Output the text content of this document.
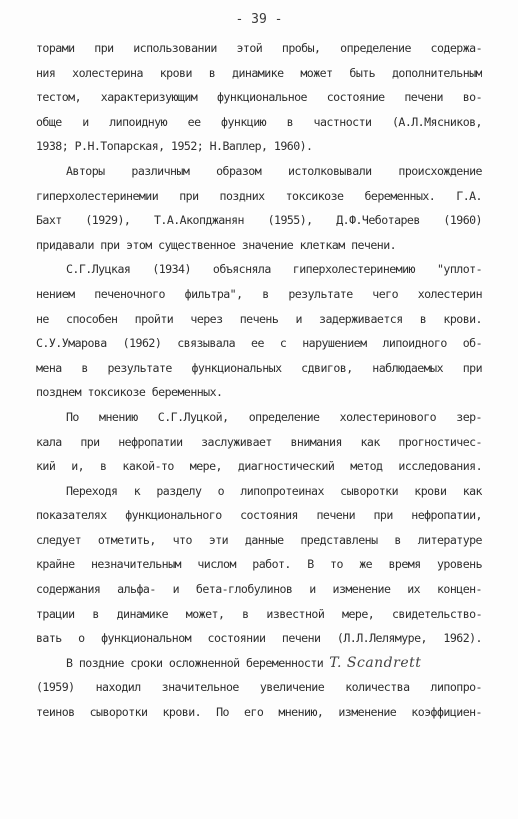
- 39 -
торами при использовании этой пробы, определение содержа-
ния холестерина крови в динамике может быть дополнительным
тестом, характеризующим функциональное состояние печени во-
обще и липоидную ее функцию в частности (А.Л.Мясников,
1938; Р.Н.Топарская, 1952; Н.Ваплер, 1960).
Авторы различным образом истолковывали происхождение
гиперхолестеринемии при поздних токсикозе беременных. Г.А.
Бахт (1929), Т.А.Акопджанян (1955), Д.Ф.Чеботарев (1960)
придавали при этом существенное значение клеткам печени.
С.Г.Луцкая (1934) объясняла гиперхолестеринемию "уплот-
нением печеночного фильтра", в результате чего холестерин
не способен пройти через печень и задерживается в крови.
С.У.Умарова (1962) связывала ее с нарушением липоидного об-
мена в результате функциональных сдвигов, наблюдаемых при
позднем токсикозе беременных.
По мнению С.Г.Луцкой, определение холестеринового зер-
кала при нефропатии заслуживает внимания как прогностичес-
кий и, в какой-то мере, диагностический метод исследования.
Переходя к разделу о липопротеинах сыворотки крови как
показателях функционального состояния печени при нефропатии,
следует отметить, что эти данные представлены в литературе
крайне незначительным числом работ. В то же время уровень
содержания альфа- и бета-глобулинов и изменение их концен-
трации в динамике может, в известной мере, свидетельство-
вать о функциональном состоянии печени (Л.Л.Лелямуре, 1962).
В поздние сроки осложненной беременности T. Scandrett
(1959) находил значительное увеличение количества липопро-
теинов сыворотки крови. По его мнению, изменение коэффициен-
